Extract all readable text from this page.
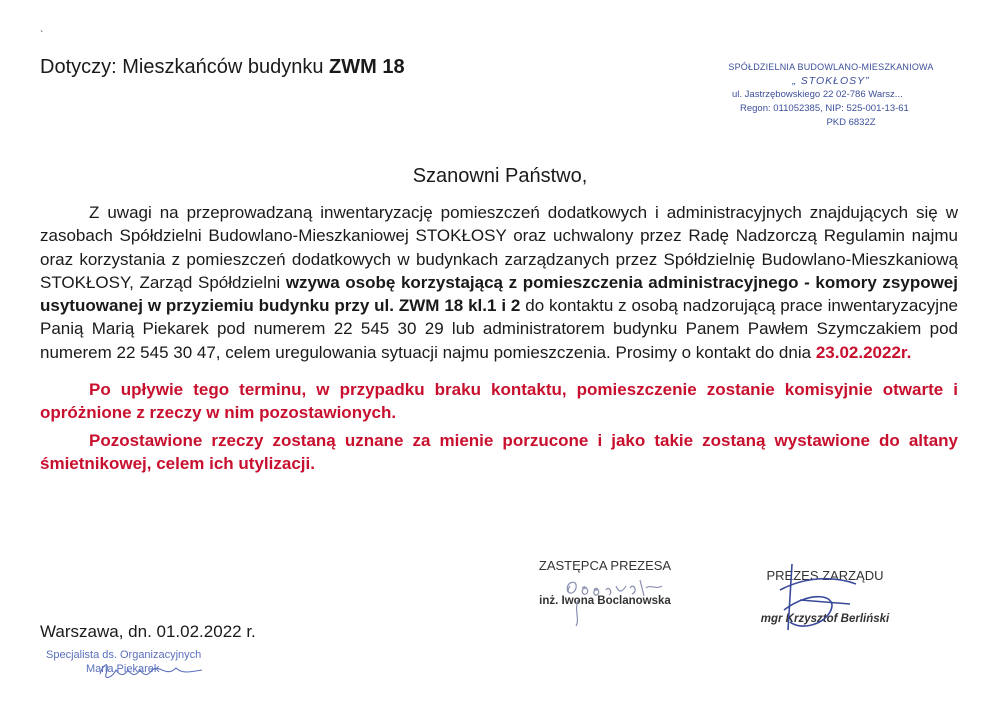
`
Dotyczy: Mieszkańców budynku ZWM 18	SPÓŁDZIELNIA BUDOWLANO-MIESZKANIOWA
„ STOKŁOSY”
ul. Jastrzębowskiego 22 02-786 Warsz...
Regon: 011052385, NIP: 525-001-13-61
PKD 6832Z
Szanowni Państwo,

Z uwagi na przeprowadzaną inwentaryzację pomieszczeń dodatkowych i administracyjnych znajdujących się w zasobach Spółdzielni Budowlano-Mieszkaniowej STOKŁOSY oraz uchwalony przez Radę Nadzorczą Regulamin najmu oraz korzystania z pomieszczeń dodatkowych w budynkach zarządzanych przez Spółdzielnię Budowlano-Mieszkaniową STOKŁOSY, Zarząd Spółdzielni wzywa osobę korzystającą z pomieszczenia administracyjnego - komory zsypowej usytuowanej w przyziemiu budynku przy ul. ZWM 18 kl.1 i 2 do kontaktu z osobą nadzorującą prace inwentaryzacyjne Panią Marią Piekarek pod numerem 22 545 30 29 lub administratorem budynku Panem Pawłem Szymczakiem pod numerem 22 545 30 47, celem uregulowania sytuacji najmu pomieszczenia. Prosimy o kontakt do dnia 23.02.2022r.

Po upływie tego terminu, w przypadku braku kontaktu, pomieszczenie zostanie komisyjnie otwarte i opróżnione z rzeczy w nim pozostawionych.

Pozostawione rzeczy zostaną uznane za mienie porzucone i jako takie zostaną wystawione do altany śmietnikowej, celem ich utylizacji.

ZASTĘPCA PREZESA
inż. Iwona Boclanowska
PREZES ZARZĄDU
mgr Krzysztof Berliński
Warszawa, dn. 01.02.2022 r.
Specjalista ds. Organizacyjnych
Maria Piekarek
